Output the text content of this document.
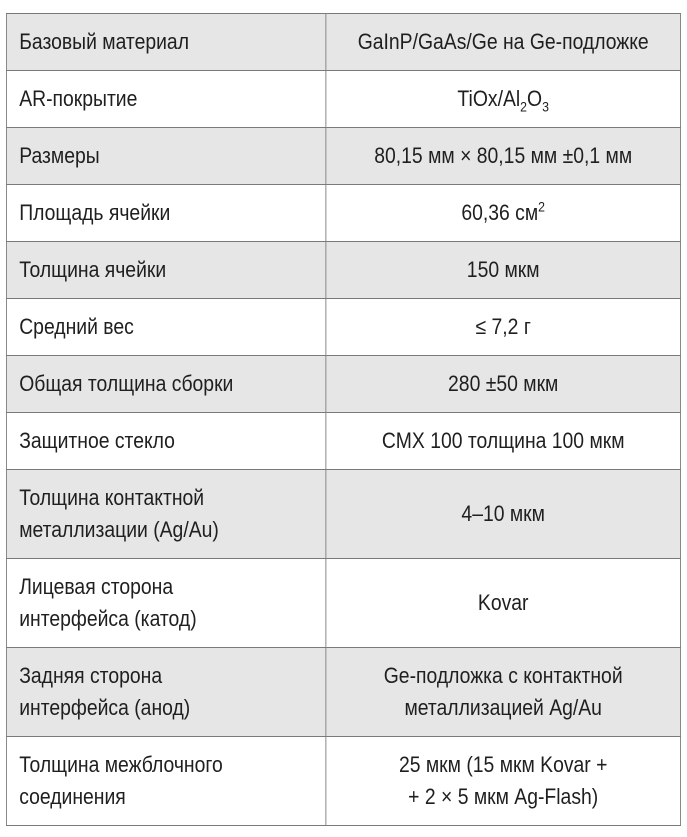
Базовый материал	GaInP/GaAs/Ge на Ge-подложке
AR-покрытие	TiOx/$Al_2O_3$
Размеры	80,15 мм × 80,15 мм ±0,1 мм
Площадь ячейки	60,36 $см^2$
Толщина ячейки	150 мкм
Средний вес	≤ 7,2 г
Общая толщина сборки	280 ±50 мкм
Защитное стекло	CMX 100 толщина 100 мкм

Толщина контактной
металлизации (Ag/Au)	4–10 мкм

Лицевая сторона
интерфейса (катод)	Kovar

Задняя сторона
интерфейса (анод)	Ge-подложка с контактной
металлизацией Ag/Au

Толщина межблочного
соединения	25 мкм (15 мкм Kovar +
+ 2 × 5 мкм Ag-Flash)
